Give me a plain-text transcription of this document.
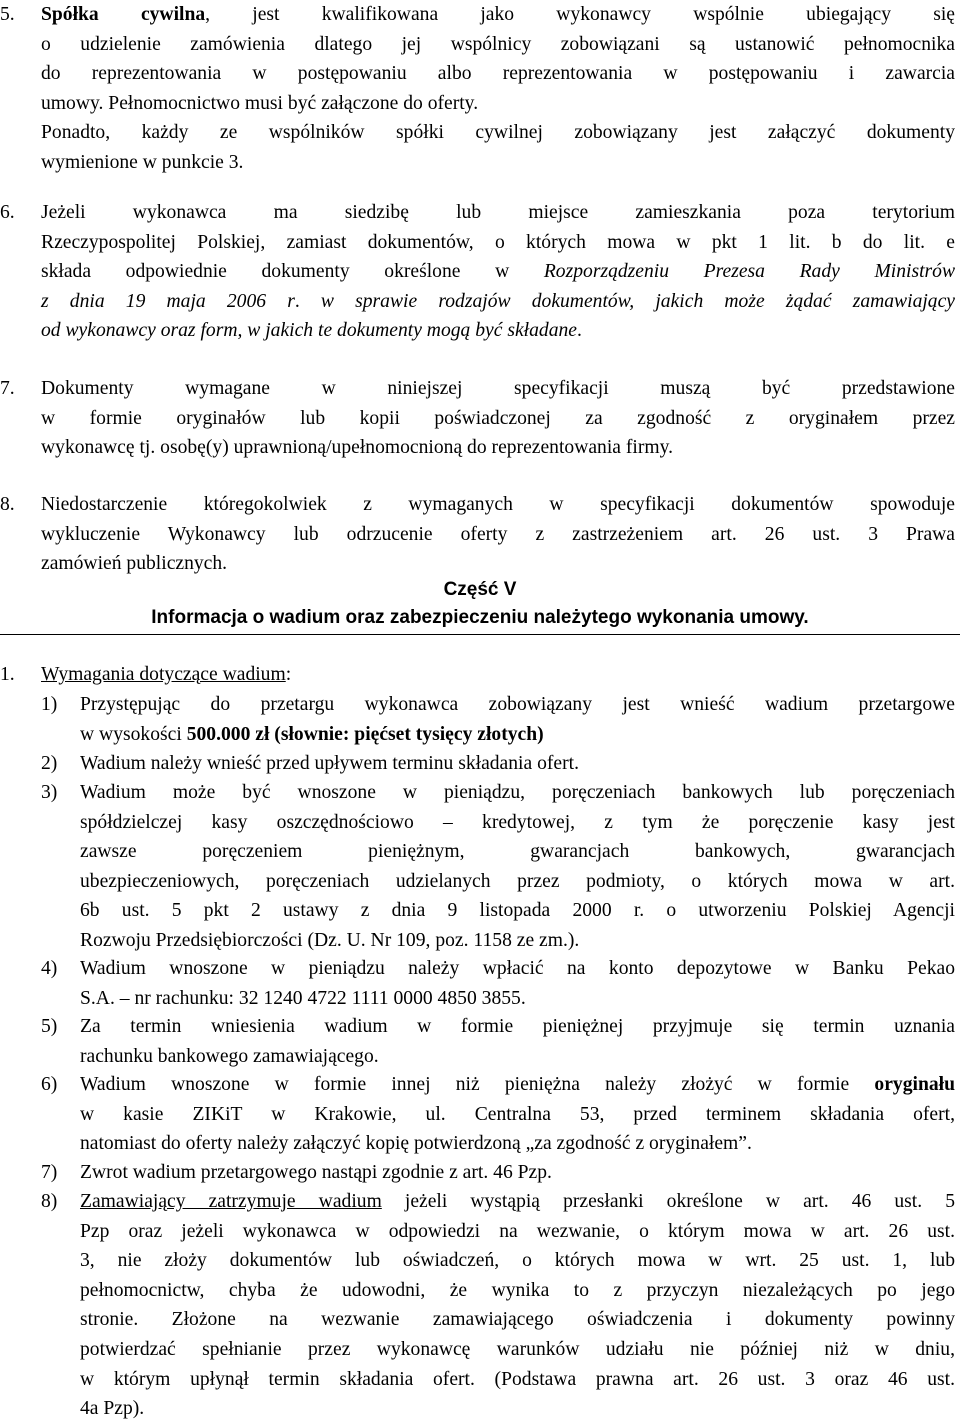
5. Spółka cywilna, jest kwalifikowana jako wykonawcy wspólnie ubiegający się
o udzielenie zamówienia dlatego jej wspólnicy zobowiązani są ustanowić pełnomocnika
do reprezentowania w postępowaniu albo reprezentowania w postępowaniu i zawarcia
umowy. Pełnomocnictwo musi być załączone do oferty.
Ponadto, każdy ze wspólników spółki cywilnej zobowiązany jest załączyć dokumenty
wymienione w punkcie 3.
6. Jeżeli wykonawca ma siedzibę lub miejsce zamieszkania poza terytorium
Rzeczypospolitej Polskiej, zamiast dokumentów, o których mowa w pkt 1 lit. b do lit. e
składa odpowiednie dokumenty określone w Rozporządzeniu Prezesa Rady Ministrów
z dnia 19 maja 2006 r. w sprawie rodzajów dokumentów, jakich może żądać zamawiający
od wykonawcy oraz form, w jakich te dokumenty mogą być składane.
7. Dokumenty wymagane w niniejszej specyfikacji muszą być przedstawione
w formie oryginałów lub kopii poświadczonej za zgodność z oryginałem przez
wykonawcę tj. osobę(y) uprawnioną/upełnomocnioną do reprezentowania firmy.
8. Niedostarczenie któregokolwiek z wymaganych w specyfikacji dokumentów spowoduje
wykluczenie Wykonawcy lub odrzucenie oferty z zastrzeżeniem art. 26 ust. 3 Prawa
zamówień publicznych.
Część V
Informacja o wadium oraz zabezpieczeniu należytego wykonania umowy.
1. Wymagania dotyczące wadium:
1) Przystępując do przetargu wykonawca zobowiązany jest wnieść wadium przetargowe
w wysokości 500.000 zł (słownie: pięćset tysięcy złotych)
2) Wadium należy wnieść przed upływem terminu składania ofert.
3) Wadium może być wnoszone w pieniądzu, poręczeniach bankowych lub poręczeniach
spółdzielczej kasy oszczędnościowo – kredytowej, z tym że poręczenie kasy jest
zawsze poręczeniem pieniężnym, gwarancjach bankowych, gwarancjach
ubezpieczeniowych, poręczeniach udzielanych przez podmioty, o których mowa w art.
6b ust. 5 pkt 2 ustawy z dnia 9 listopada 2000 r. o utworzeniu Polskiej Agencji
Rozwoju Przedsiębiorczości (Dz. U. Nr 109, poz. 1158 ze zm.).
4) Wadium wnoszone w pieniądzu należy wpłacić na konto depozytowe w Banku Pekao
S.A. – nr rachunku: 32 1240 4722 1111 0000 4850 3855.
5) Za termin wniesienia wadium w formie pieniężnej przyjmuje się termin uznania
rachunku bankowego zamawiającego.
6) Wadium wnoszone w formie innej niż pieniężna należy złożyć w formie oryginału
w kasie ZIKiT w Krakowie, ul. Centralna 53, przed terminem składania ofert,
natomiast do oferty należy załączyć kopię potwierdzoną „za zgodność z oryginałem”.
7) Zwrot wadium przetargowego nastąpi zgodnie z art. 46 Pzp.
8) Zamawiający zatrzymuje wadium jeżeli wystąpią przesłanki określone w art. 46 ust. 5
Pzp oraz jeżeli wykonawca w odpowiedzi na wezwanie, o którym mowa w art. 26 ust.
3, nie złoży dokumentów lub oświadczeń, o których mowa w wrt. 25 ust. 1, lub
pełnomocnictw, chyba że udowodni, że wynika to z przyczyn niezależących po jego
stronie. Złożone na wezwanie zamawiającego oświadczenia i dokumenty powinny
potwierdzać spełnianie przez wykonawcę warunków udziału nie później niż w dniu,
w którym upłynął termin składania ofert. (Podstawa prawna art. 26 ust. 3 oraz 46 ust.
4a Pzp).
